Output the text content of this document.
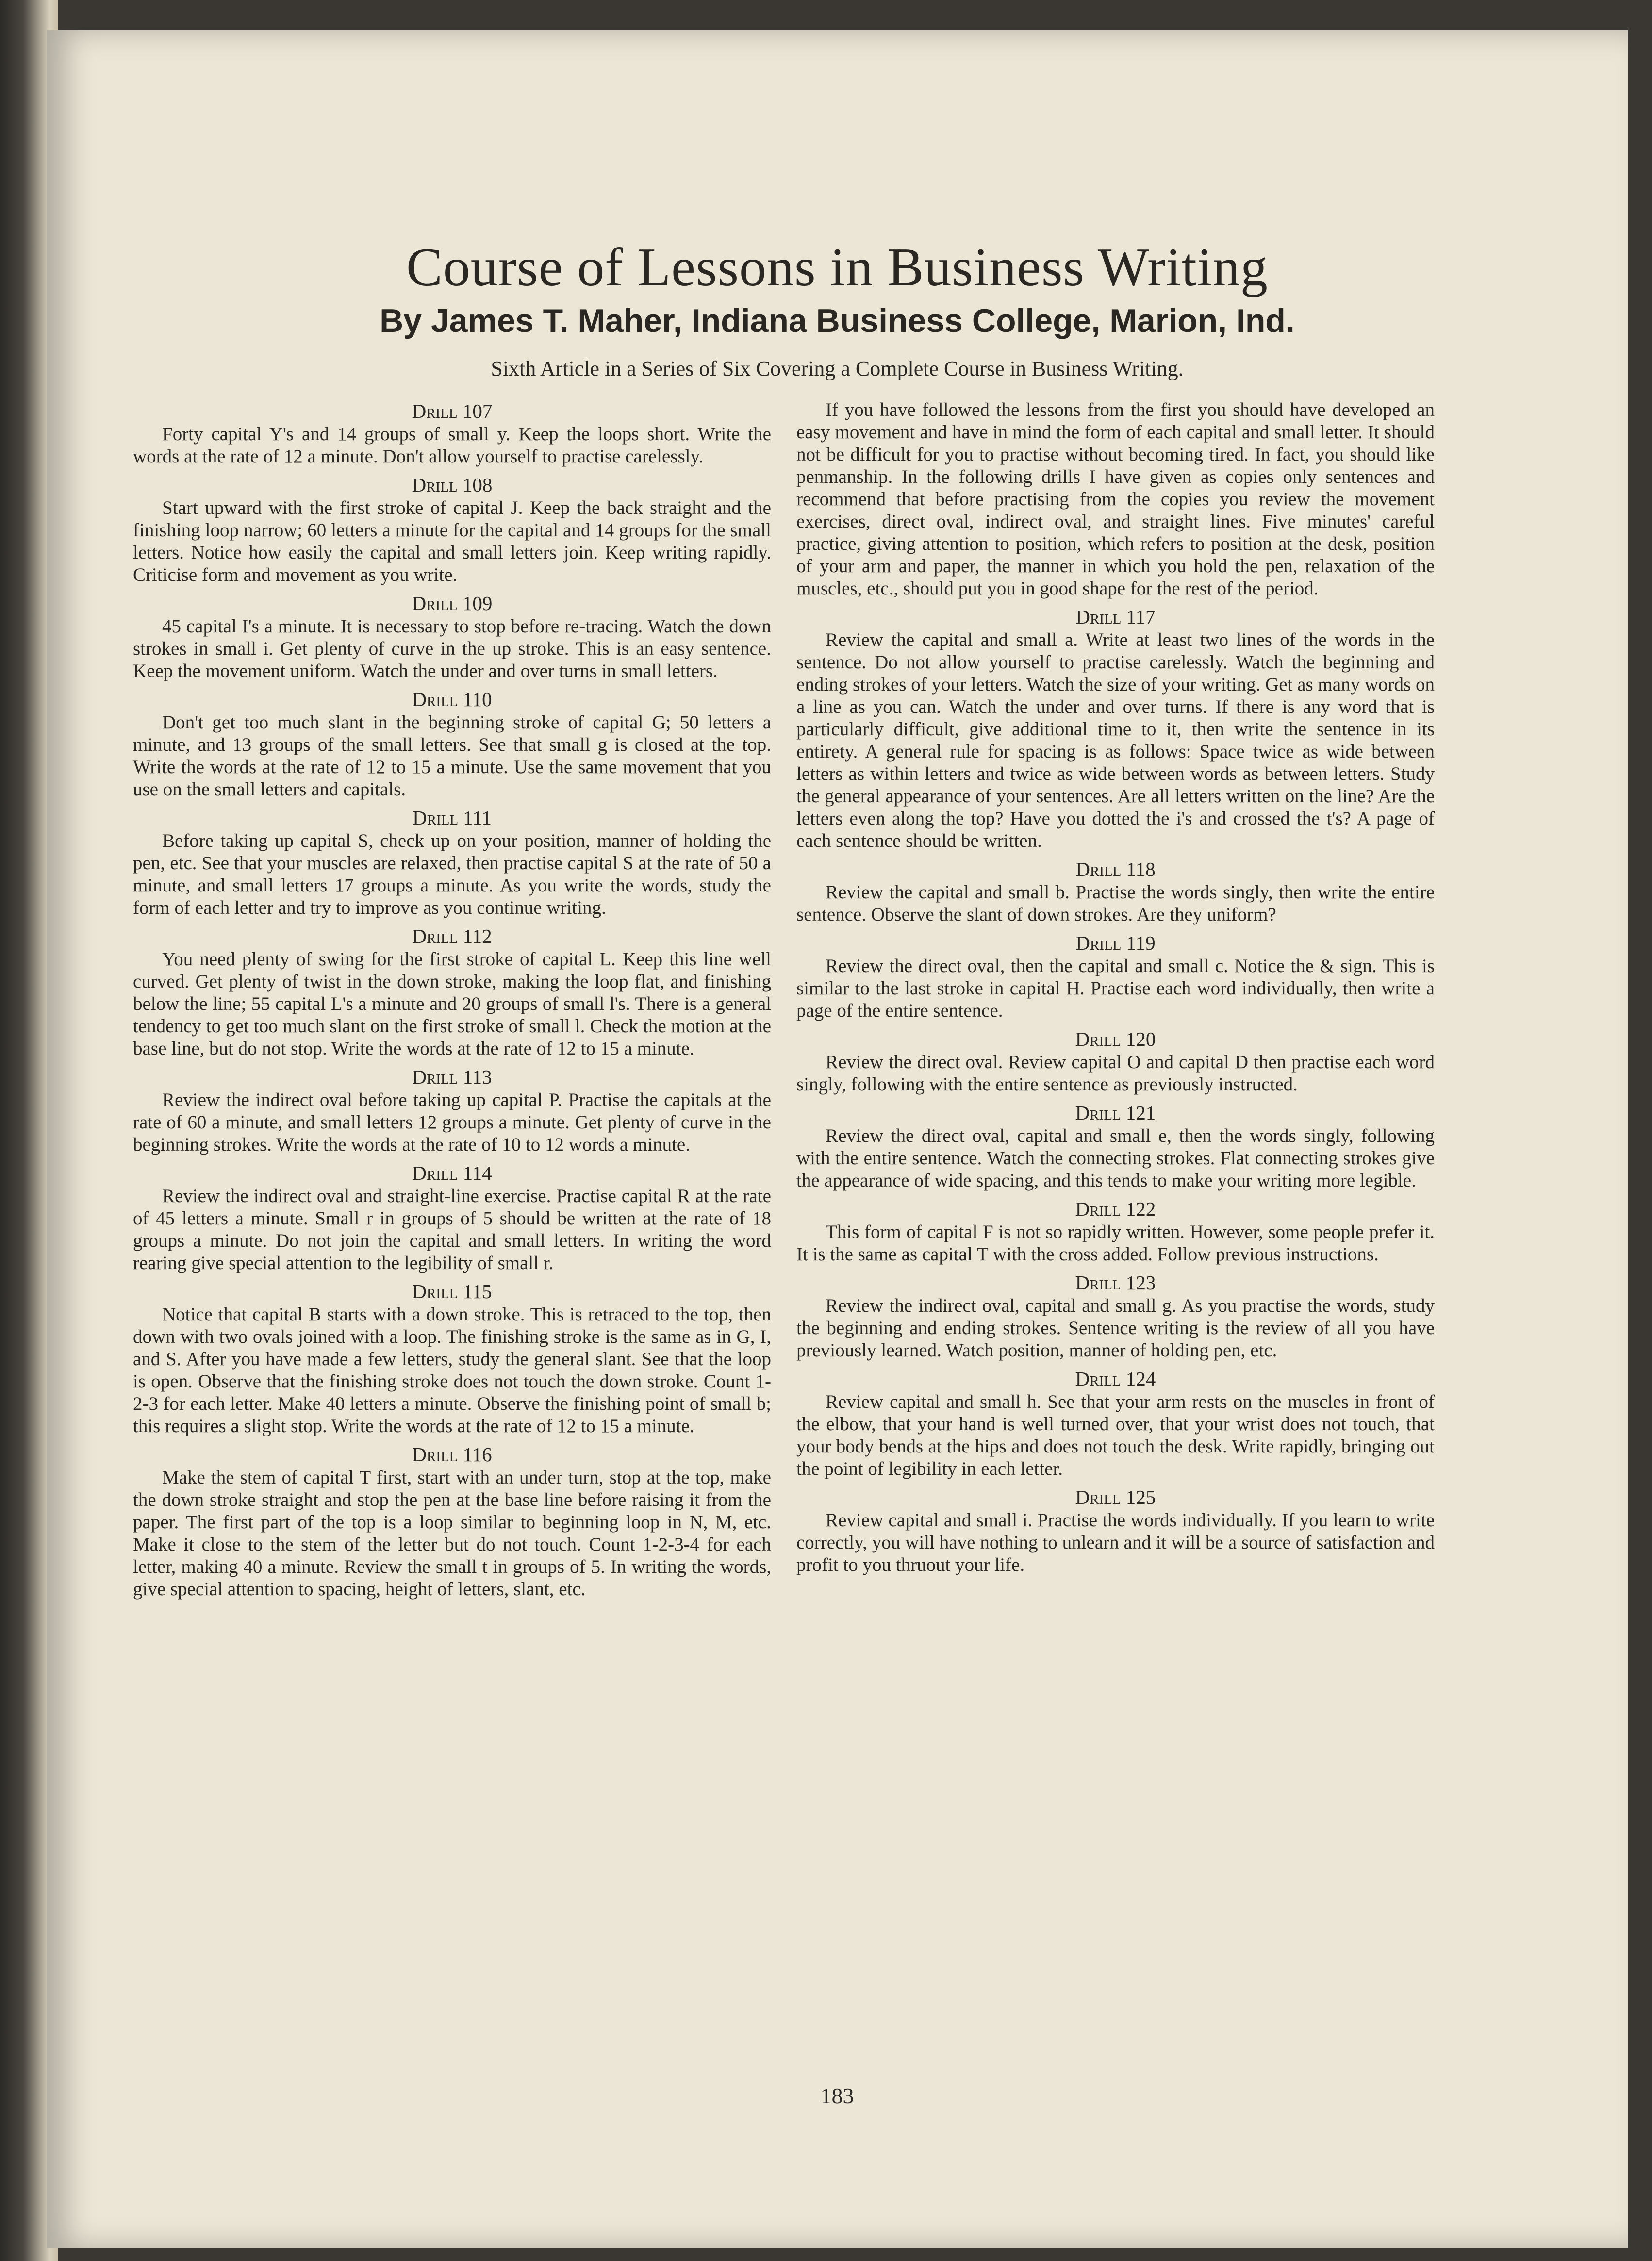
Course of Lessons in Business Writing
By James T. Maher, Indiana Business College, Marion, Ind.
Sixth Article in a Series of Six Covering a Complete Course in Business Writing.
Drill 107

Forty capital Y's and 14 groups of small y. Keep the loops short. Write the words at the rate of 12 a minute. Don't allow yourself to practise carelessly.

Drill 108

Start upward with the first stroke of capital J. Keep the back straight and the finishing loop narrow; 60 letters a minute for the capital and 14 groups for the small letters. Notice how easily the capital and small letters join. Keep writing rapidly. Criticise form and movement as you write.

Drill 109

45 capital I's a minute. It is necessary to stop before re-tracing. Watch the down strokes in small i. Get plenty of curve in the up stroke. This is an easy sentence. Keep the movement uniform. Watch the under and over turns in small letters.

Drill 110

Don't get too much slant in the beginning stroke of capital G; 50 letters a minute, and 13 groups of the small letters. See that small g is closed at the top. Write the words at the rate of 12 to 15 a minute. Use the same movement that you use on the small letters and capitals.

Drill 111

Before taking up capital S, check up on your position, manner of holding the pen, etc. See that your muscles are relaxed, then practise capital S at the rate of 50 a minute, and small letters 17 groups a minute. As you write the words, study the form of each letter and try to improve as you continue writing.

Drill 112

You need plenty of swing for the first stroke of capital L. Keep this line well curved. Get plenty of twist in the down stroke, making the loop flat, and finishing below the line; 55 capital L's a minute and 20 groups of small l's. There is a general tendency to get too much slant on the first stroke of small l. Check the motion at the base line, but do not stop. Write the words at the rate of 12 to 15 a minute.

Drill 113

Review the indirect oval before taking up capital P. Practise the capitals at the rate of 60 a minute, and small letters 12 groups a minute. Get plenty of curve in the beginning strokes. Write the words at the rate of 10 to 12 words a minute.

Drill 114

Review the indirect oval and straight-line exercise. Practise capital R at the rate of 45 letters a minute. Small r in groups of 5 should be written at the rate of 18 groups a minute. Do not join the capital and small letters. In writing the word rearing give special attention to the legibility of small r.

Drill 115

Notice that capital B starts with a down stroke. This is retraced to the top, then down with two ovals joined with a loop. The finishing stroke is the same as in G, I, and S. After you have made a few letters, study the general slant. See that the loop is open. Observe that the finishing stroke does not touch the down stroke. Count 1-2-3 for each letter. Make 40 letters a minute. Observe the finishing point of small b; this requires a slight stop. Write the words at the rate of 12 to 15 a minute.

Drill 116

Make the stem of capital T first, start with an under turn, stop at the top, make the down stroke straight and stop the pen at the base line before raising it from the paper. The first part of the top is a loop similar to beginning loop in N, M, etc. Make it close to the stem of the letter but do not touch. Count 1-2-3-4 for each letter, making 40 a minute. Review the small t in groups of 5. In writing the words, give special attention to spacing, height of letters, slant, etc.

If you have followed the lessons from the first you should have developed an easy movement and have in mind the form of each capital and small letter. It should not be difficult for you to practise without becoming tired. In fact, you should like penmanship. In the following drills I have given as copies only sentences and recommend that before practising from the copies you review the movement exercises, direct oval, indirect oval, and straight lines. Five minutes' careful practice, giving attention to position, which refers to position at the desk, position of your arm and paper, the manner in which you hold the pen, relaxation of the muscles, etc., should put you in good shape for the rest of the period.

Drill 117

Review the capital and small a. Write at least two lines of the words in the sentence. Do not allow yourself to practise carelessly. Watch the beginning and ending strokes of your letters. Watch the size of your writing. Get as many words on a line as you can. Watch the under and over turns. If there is any word that is particularly difficult, give additional time to it, then write the sentence in its entirety. A general rule for spacing is as follows: Space twice as wide between letters as within letters and twice as wide between words as between letters. Study the general appearance of your sentences. Are all letters written on the line? Are the letters even along the top? Have you dotted the i's and crossed the t's? A page of each sentence should be written.

Drill 118

Review the capital and small b. Practise the words singly, then write the entire sentence. Observe the slant of down strokes. Are they uniform?

Drill 119

Review the direct oval, then the capital and small c. Notice the & sign. This is similar to the last stroke in capital H. Practise each word individually, then write a page of the entire sentence.

Drill 120

Review the direct oval. Review capital O and capital D then practise each word singly, following with the entire sentence as previously instructed.

Drill 121

Review the direct oval, capital and small e, then the words singly, following with the entire sentence. Watch the connecting strokes. Flat connecting strokes give the appearance of wide spacing, and this tends to make your writing more legible.

Drill 122

This form of capital F is not so rapidly written. However, some people prefer it. It is the same as capital T with the cross added. Follow previous instructions.

Drill 123

Review the indirect oval, capital and small g. As you practise the words, study the beginning and ending strokes. Sentence writing is the review of all you have previously learned. Watch position, manner of holding pen, etc.

Drill 124

Review capital and small h. See that your arm rests on the muscles in front of the elbow, that your hand is well turned over, that your wrist does not touch, that your body bends at the hips and does not touch the desk. Write rapidly, bringing out the point of legibility in each letter.

Drill 125

Review capital and small i. Practise the words individually. If you learn to write correctly, you will have nothing to unlearn and it will be a source of satisfaction and profit to you thruout your life.

183
